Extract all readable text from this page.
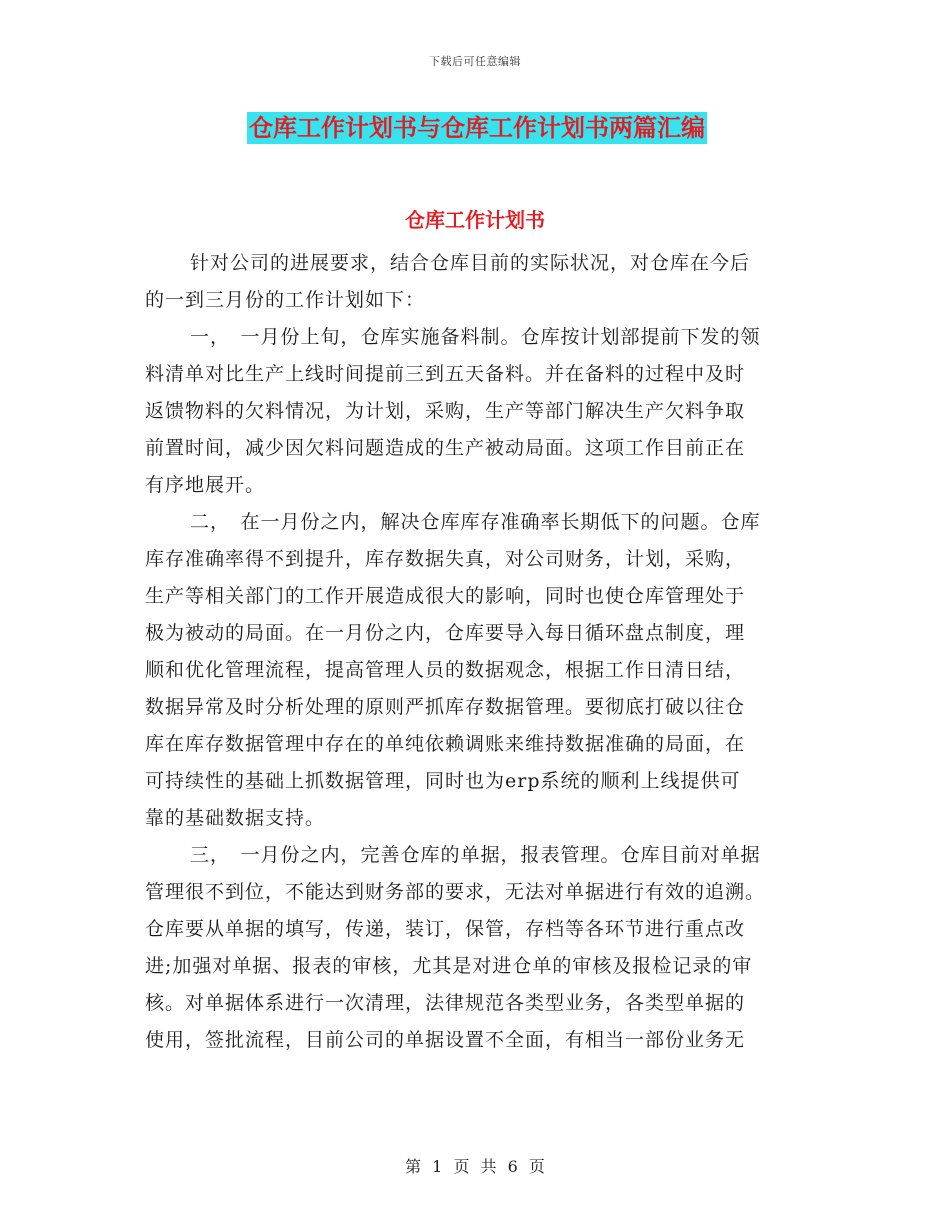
下载后可任意编辑
仓库工作计划书与仓库工作计划书两篇汇编
仓库工作计划书
针对公司的进展要求，结合仓库目前的实际状况，对仓库在今后
的一到三月份的工作计划如下：
一，　一月份上旬，仓库实施备料制。仓库按计划部提前下发的领
料清单对比生产上线时间提前三到五天备料。并在备料的过程中及时
返馈物料的欠料情况，为计划，采购，生产等部门解决生产欠料争取
前置时间，减少因欠料问题造成的生产被动局面。这项工作目前正在
有序地展开。
二，　在一月份之内，解决仓库库存准确率长期低下的问题。仓库
库存准确率得不到提升，库存数据失真，对公司财务，计划，采购，
生产等相关部门的工作开展造成很大的影响，同时也使仓库管理处于
极为被动的局面。在一月份之内，仓库要导入每日循环盘点制度，理
顺和优化管理流程，提高管理人员的数据观念，根据工作日清日结，
数据异常及时分析处理的原则严抓库存数据管理。要彻底打破以往仓
库在库存数据管理中存在的单纯依赖调账来维持数据准确的局面，在
可持续性的基础上抓数据管理，同时也为erp系统的顺利上线提供可
靠的基础数据支持。
三，　一月份之内，完善仓库的单据，报表管理。仓库目前对单据
管理很不到位，不能达到财务部的要求，无法对单据进行有效的追溯。
仓库要从单据的填写，传递，装订，保管，存档等各环节进行重点改
进;加强对单据、报表的审核，尤其是对进仓单的审核及报检记录的审
核。对单据体系进行一次清理，法律规范各类型业务，各类型单据的
使用，签批流程，目前公司的单据设置不全面，有相当一部份业务无
第 1 页 共 6 页
